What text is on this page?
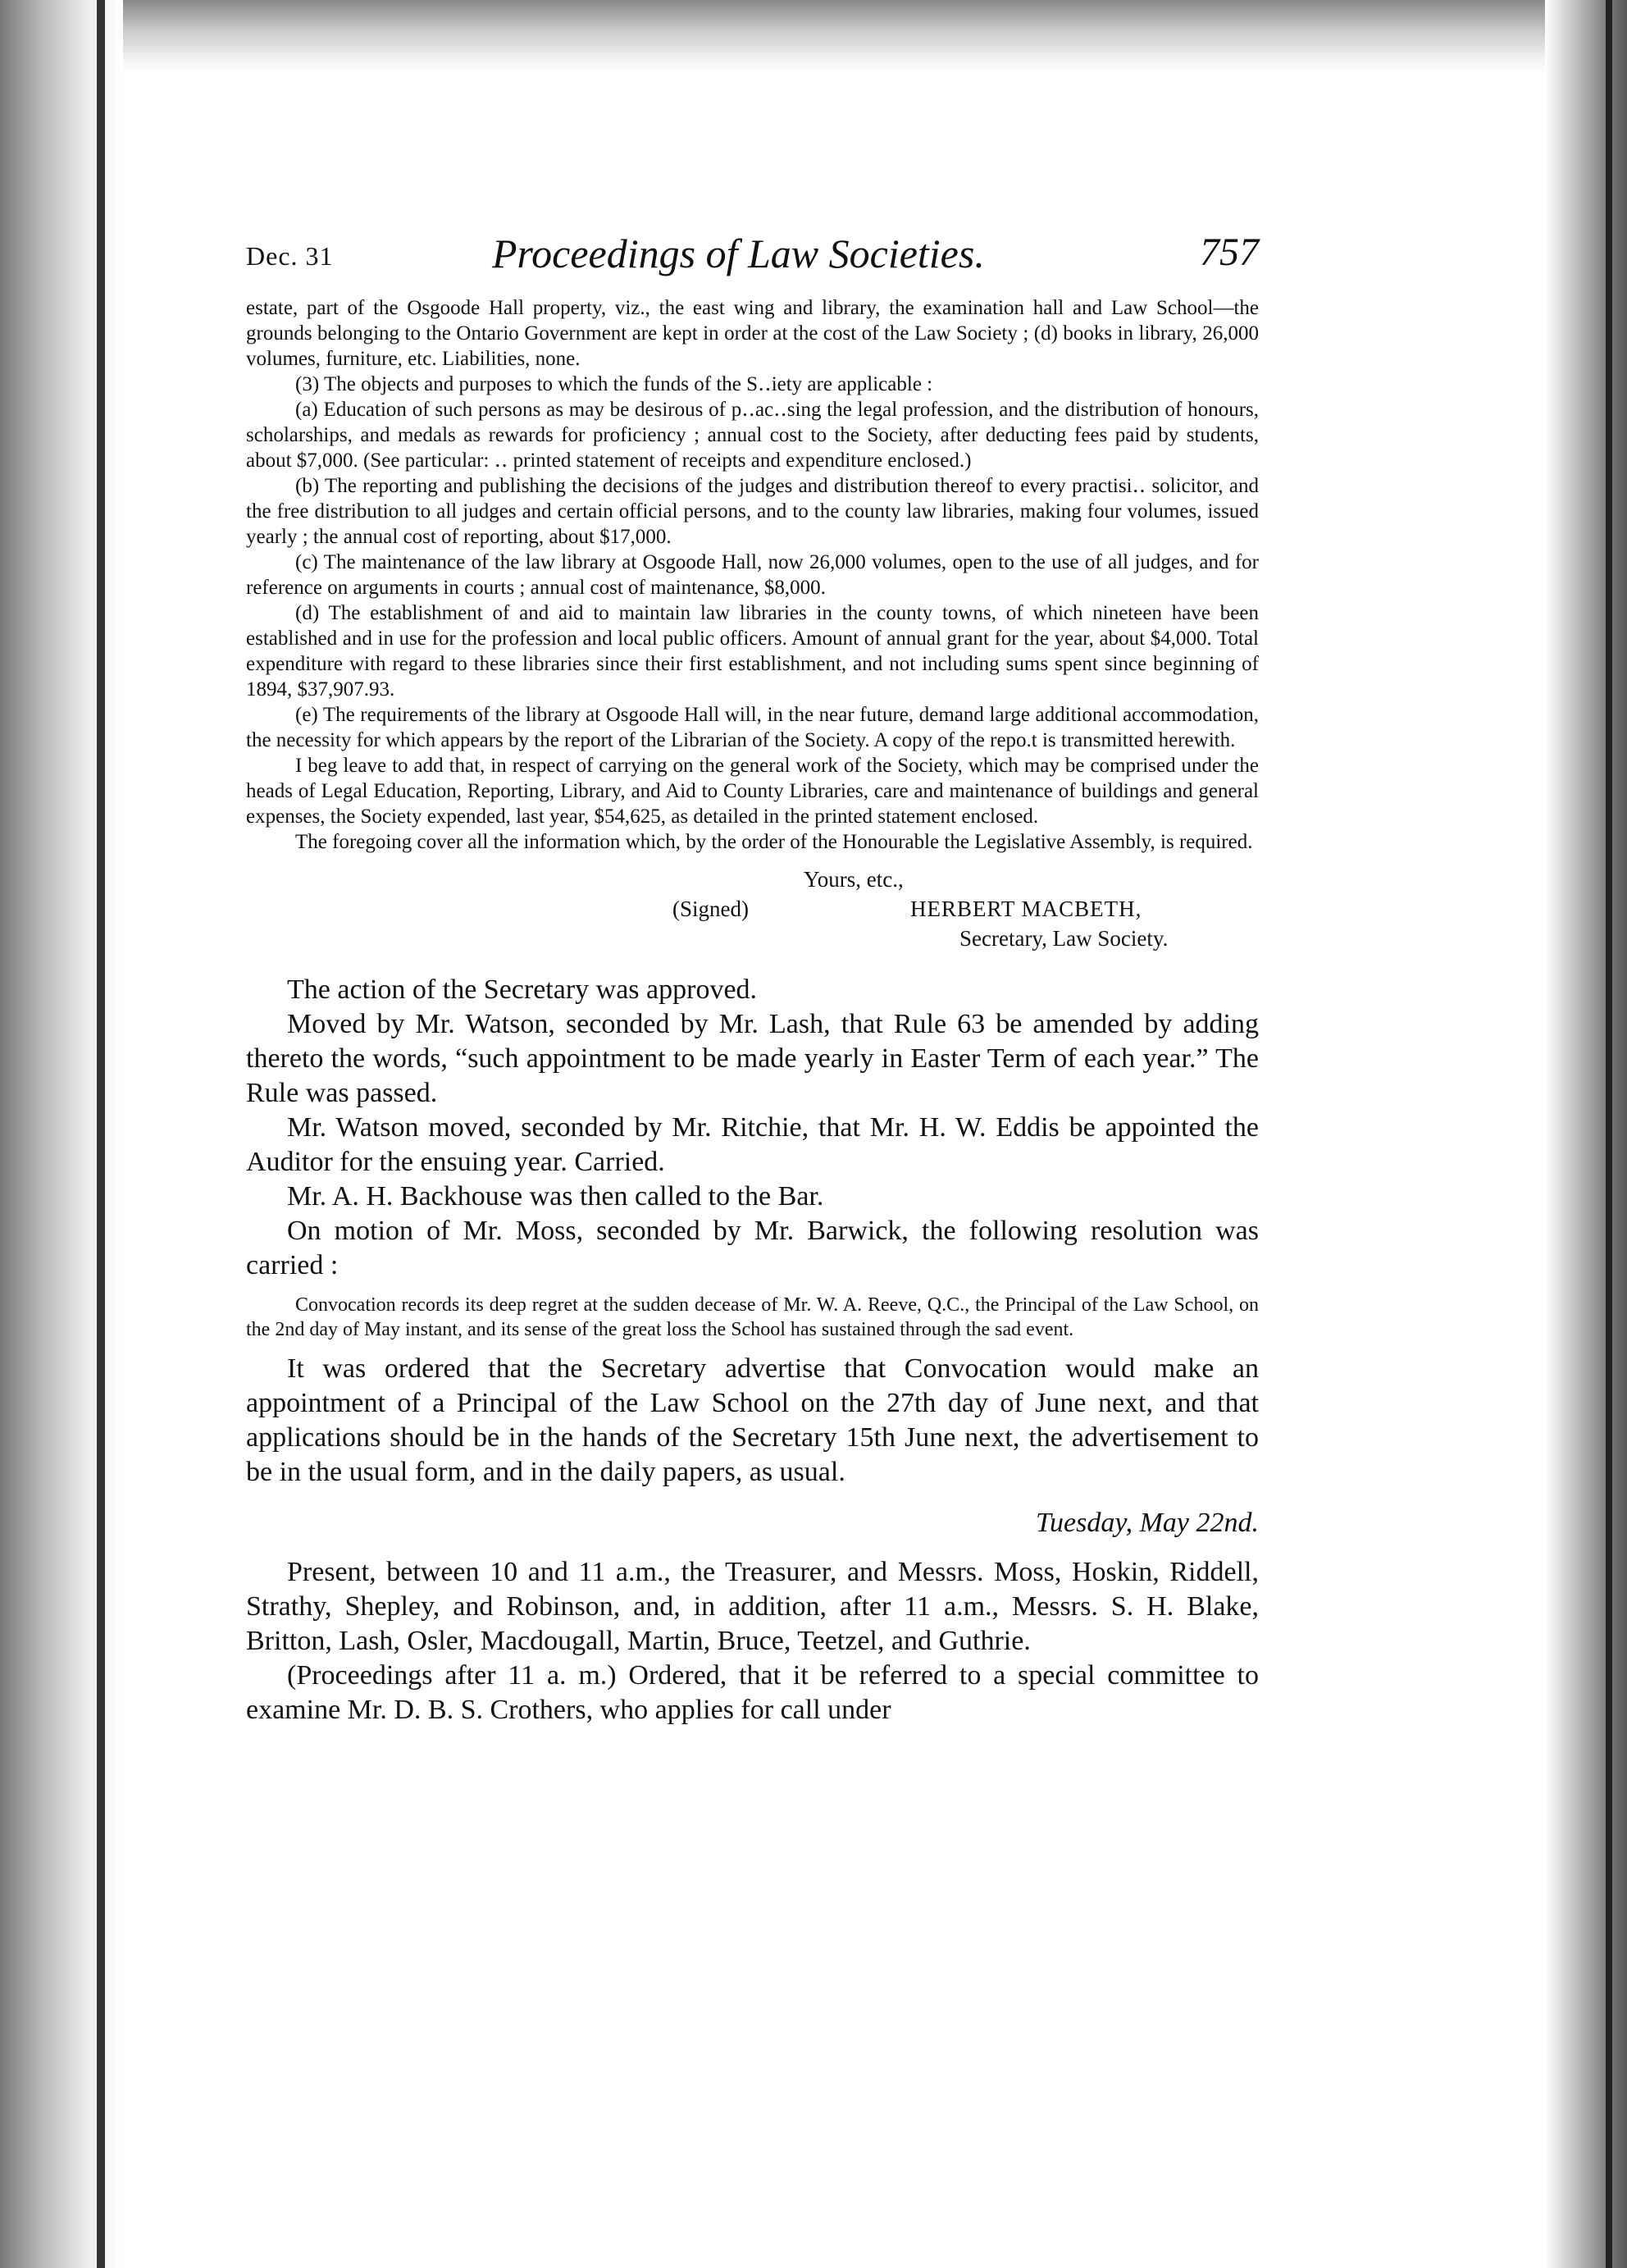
Dec. 31	Proceedings of Law Societies.	757

estate, part of the Osgoode Hall property, viz., the east wing and library, the examination hall and Law School—the grounds belonging to the Ontario Government are kept in order at the cost of the Law Society ; (d) books in library, 26,000 volumes, furniture, etc. Liabilities, none.

(3) The objects and purposes to which the funds of the S‥iety are applicable :

(a) Education of such persons as may be desirous of p‥ac‥sing the legal profession, and the distribution of honours, scholarships, and medals as rewards for proficiency ; annual cost to the Society, after deducting fees paid by students, about $7,000. (See particular: ‥ printed statement of receipts and expenditure enclosed.)

(b) The reporting and publishing the decisions of the judges and distribution thereof to every practisi‥ solicitor, and the free distribution to all judges and certain official persons, and to the county law libraries, making four volumes, issued yearly ; the annual cost of reporting, about $17,000.

(c) The maintenance of the law library at Osgoode Hall, now 26,000 volumes, open to the use of all judges, and for reference on arguments in courts ; annual cost of maintenance, $8,000.

(d) The establishment of and aid to maintain law libraries in the county towns, of which nineteen have been established and in use for the profession and local public officers. Amount of annual grant for the year, about $4,000. Total expenditure with regard to these libraries since their first establishment, and not including sums spent since beginning of 1894, $37,907.93.

(e) The requirements of the library at Osgoode Hall will, in the near future, demand large additional accommodation, the necessity for which appears by the report of the Librarian of the Society. A copy of the repo.t is transmitted herewith.

I beg leave to add that, in respect of carrying on the general work of the Society, which may be comprised under the heads of Legal Education, Reporting, Library, and Aid to County Libraries, care and maintenance of buildings and general expenses, the Society expended, last year, $54,625, as detailed in the printed statement enclosed.

The foregoing cover all the information which, by the order of the Honourable the Legislative Assembly, is required.

Yours, etc.,
(Signed)	HERBERT MACBETH,
Secretary, Law Society.

The action of the Secretary was approved.

Moved by Mr. Watson, seconded by Mr. Lash, that Rule 63 be amended by adding thereto the words, “such appointment to be made yearly in Easter Term of each year.” The Rule was passed.

Mr. Watson moved, seconded by Mr. Ritchie, that Mr. H. W. Eddis be appointed the Auditor for the ensuing year. Carried.

Mr. A. H. Backhouse was then called to the Bar.

On motion of Mr. Moss, seconded by Mr. Barwick, the following resolution was carried :

Convocation records its deep regret at the sudden decease of Mr. W. A. Reeve, Q.C., the Principal of the Law School, on the 2nd day of May instant, and its sense of the great loss the School has sustained through the sad event.

It was ordered that the Secretary advertise that Convocation would make an appointment of a Principal of the Law School on the 27th day of June next, and that applications should be in the hands of the Secretary 15th June next, the advertisement to be in the usual form, and in the daily papers, as usual.

Tuesday, May 22nd.

Present, between 10 and 11 a.m., the Treasurer, and Messrs. Moss, Hoskin, Riddell, Strathy, Shepley, and Robinson, and, in addition, after 11 a.m., Messrs. S. H. Blake, Britton, Lash, Osler, Macdougall, Martin, Bruce, Teetzel, and Guthrie.

(Proceedings after 11 a. m.) Ordered, that it be referred to a special committee to examine Mr. D. B. S. Crothers, who applies for call under
